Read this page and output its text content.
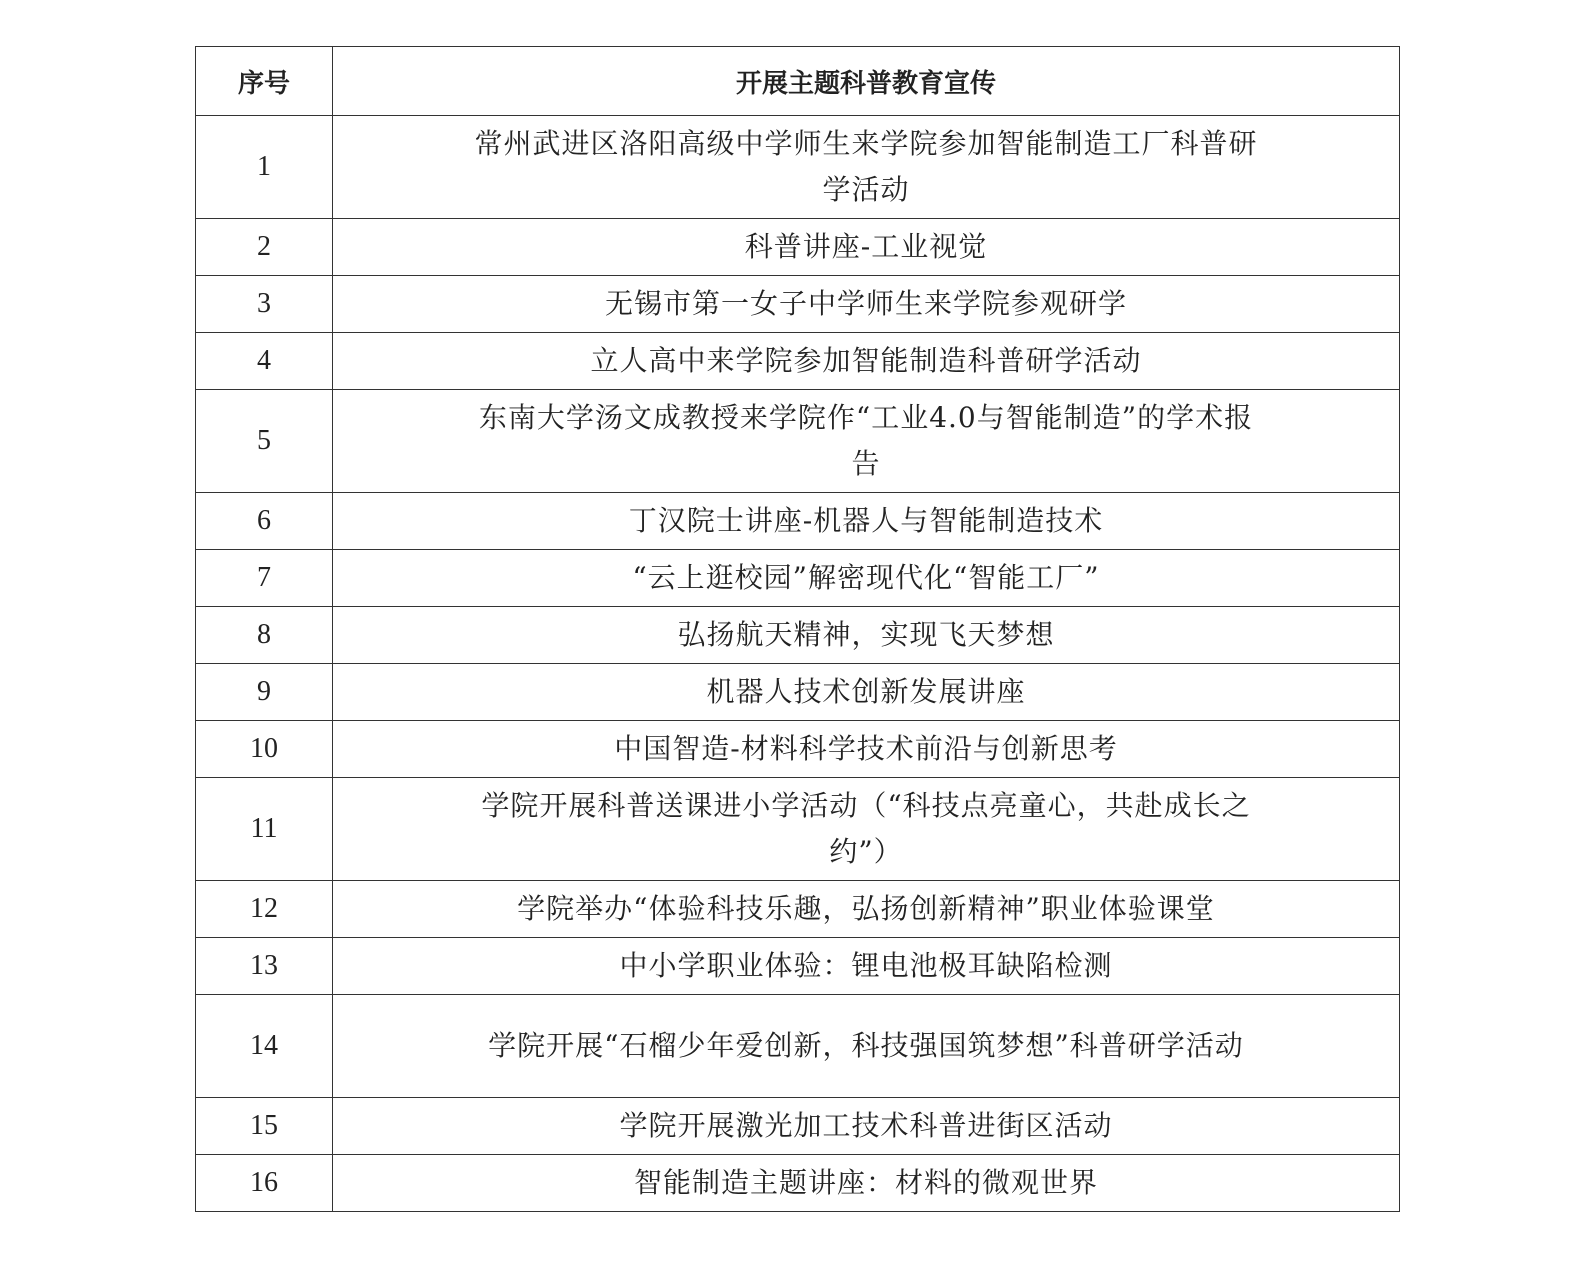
序号	开展主题科普教育宣传
1	常州武进区洛阳高级中学师生来学院参加智能制造工厂科普研学活动
2	科普讲座-工业视觉
3	无锡市第一女子中学师生来学院参观研学
4	立人高中来学院参加智能制造科普研学活动
5	东南大学汤文成教授来学院作“工业4.0与智能制造”的学术报告
6	丁汉院士讲座-机器人与智能制造技术
7	“云上逛校园”解密现代化“智能工厂”
8	弘扬航天精神，实现飞天梦想
9	机器人技术创新发展讲座
10	中国智造-材料科学技术前沿与创新思考
11	学院开展科普送课进小学活动（“科技点亮童心，共赴成长之约”）
12	学院举办“体验科技乐趣，弘扬创新精神”职业体验课堂
13	中小学职业体验：锂电池极耳缺陷检测
14	学院开展“石榴少年爱创新，科技强国筑梦想”科普研学活动
15	学院开展激光加工技术科普进街区活动
16	智能制造主题讲座：材料的微观世界
